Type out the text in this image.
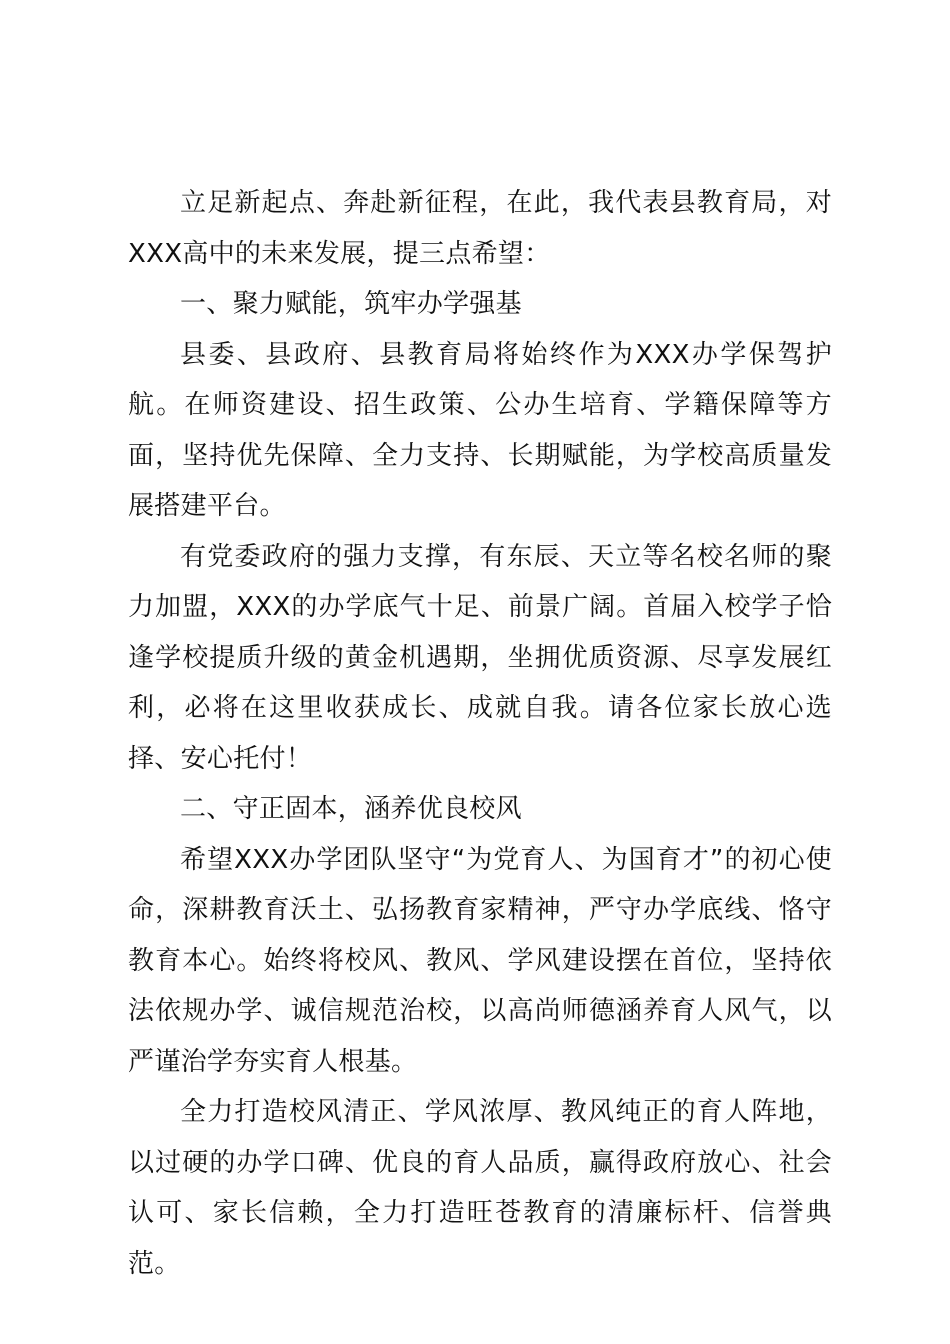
立足新起点、奔赴新征程，在此，我代表县教育局，对XXX高中的未来发展，提三点希望：

一、聚力赋能，筑牢办学强基

县委、县政府、县教育局将始终作为XXX办学保驾护航。在师资建设、招生政策、公办生培育、学籍保障等方面，坚持优先保障、全力支持、长期赋能，为学校高质量发展搭建平台。

有党委政府的强力支撑，有东辰、天立等名校名师的聚力加盟，XXX的办学底气十足、前景广阔。首届入校学子恰逢学校提质升级的黄金机遇期，坐拥优质资源、尽享发展红利，必将在这里收获成长、成就自我。请各位家长放心选择、安心托付！

二、守正固本，涵养优良校风

希望XXX办学团队坚守“为党育人、为国育才”的初心使命，深耕教育沃土、弘扬教育家精神，严守办学底线、恪守教育本心。始终将校风、教风、学风建设摆在首位，坚持依法依规办学、诚信规范治校，以高尚师德涵养育人风气，以严谨治学夯实育人根基。

全力打造校风清正、学风浓厚、教风纯正的育人阵地，以过硬的办学口碑、优良的育人品质，赢得政府放心、社会认可、家长信赖，全力打造旺苍教育的清廉标杆、信誉典范。
